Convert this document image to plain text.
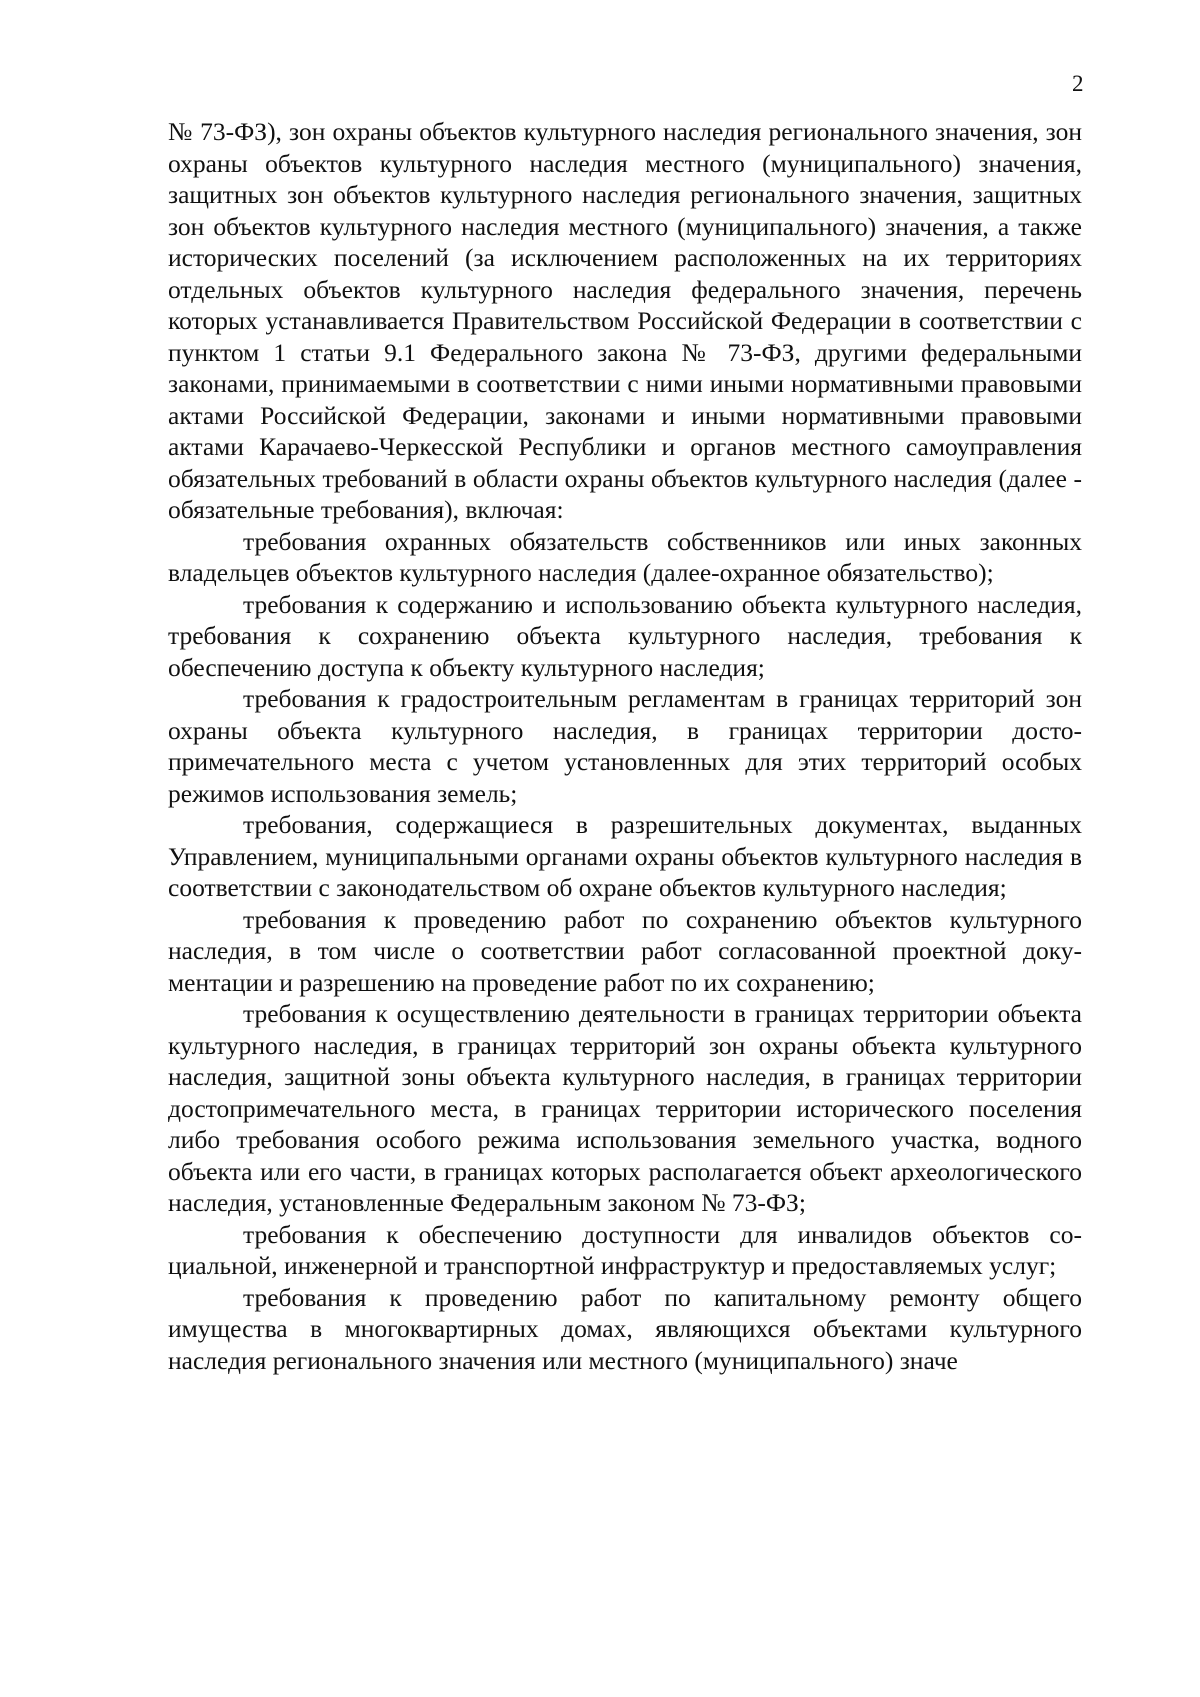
2

№ 73-ФЗ), зон охраны объектов культурного наследия регионального значения, зон охраны объектов культурного наследия местного (муниципального) значения, защитных зон объектов культурного наследия регионального значения, защитных зон объектов культурного наследия местного (муниципального) значения, а также исторических поселений (за исключением расположенных на их территориях отдельных объектов культурного наследия федерального значения, перечень которых устанавливается Правительством Российской Федерации в соответствии с пунктом 1 статьи 9.1 Федерального закона № 73-ФЗ, другими федеральными законами, принимаемыми в соответствии с ними иными нормативными правовыми актами Российской Федерации, законами и иными нормативными правовыми актами Карачаево-Черкесской Республики и органов местного самоуправления обязательных требований в области охраны объектов культурного наследия (далее - обязательные требования), включая:

требования охранных обязательств собственников или иных законных владельцев объектов культурного наследия (далее-охранное обязательство);

требования к содержанию и использованию объекта культурного наследия, требования к сохранению объекта культурного наследия, требования к обеспечению доступа к объекту культурного наследия;

требования к градостроительным регламентам в границах территорий зон охраны объекта культурного наследия, в границах территории достопримечательного места с учетом установленных для этих территорий особых режимов использования земель;

требования, содержащиеся в разрешительных документах, выданных Управлением, муниципальными органами охраны объектов культурного наследия в соответствии с законодательством об охране объектов культурного наследия;

требования к проведению работ по сохранению объектов культурного наследия, в том числе о соответствии работ согласованной проектной документации и разрешению на проведение работ по их сохранению;

требования к осуществлению деятельности в границах территории объекта культурного наследия, в границах территорий зон охраны объекта культурного наследия, защитной зоны объекта культурного наследия, в границах территории достопримечательного места, в границах территории исторического поселения либо требования особого режима использования земельного участка, водного объекта или его части, в границах которых располагается объект археологического наследия, установленные Федеральным законом № 73-ФЗ;

требования к обеспечению доступности для инвалидов объектов социальной, инженерной и транспортной инфраструктур и предоставляемых услуг;

требования к проведению работ по капитальному ремонту общего имущества в многоквартирных домах, являющихся объектами культурного наследия регионального значения или местного (муниципального) значе
